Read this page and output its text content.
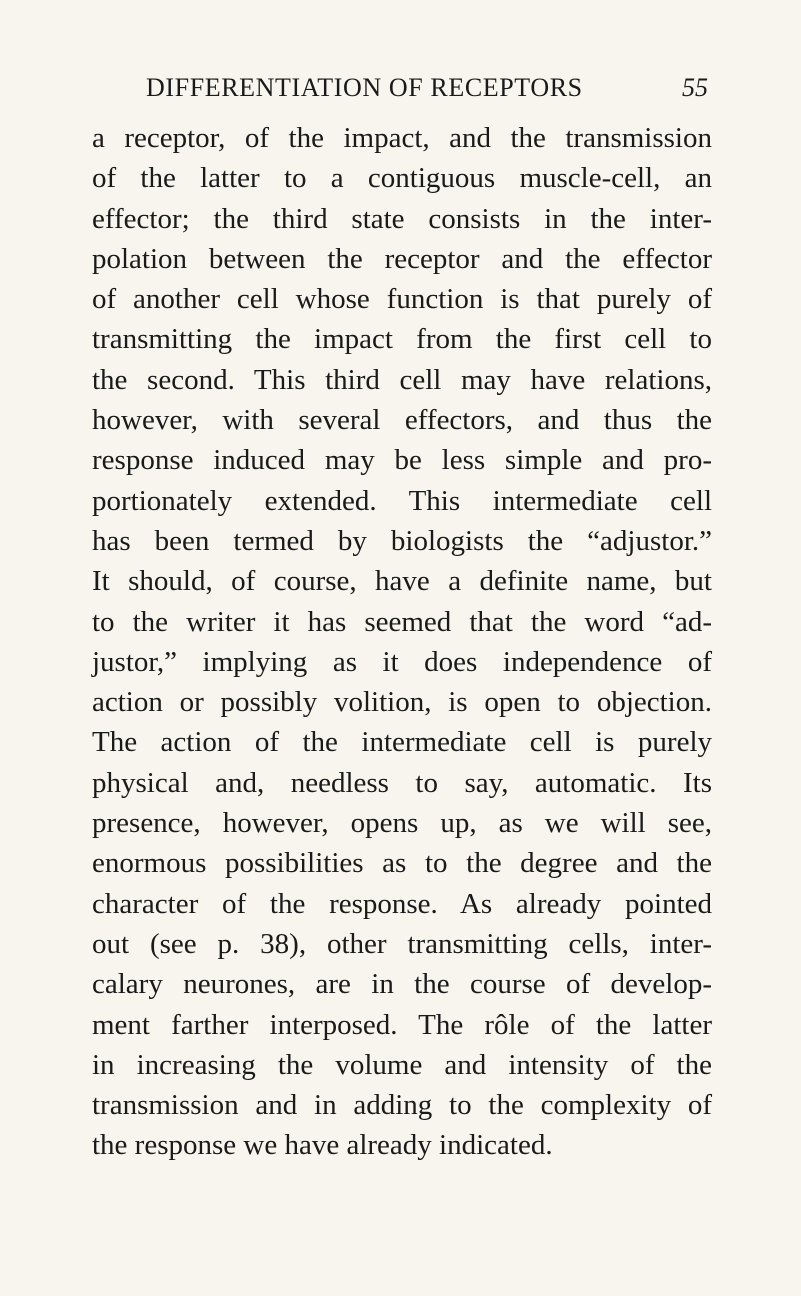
DIFFERENTIATION OF RECEPTORS	55
a receptor, of the impact, and the transmission
of the latter to a contiguous muscle-cell, an
effector; the third state consists in the inter-
polation between the receptor and the effector
of another cell whose function is that purely of
transmitting the impact from the first cell to
the second. This third cell may have relations,
however, with several effectors, and thus the
response induced may be less simple and pro-
portionately extended. This intermediate cell
has been termed by biologists the “adjustor.”
It should, of course, have a definite name, but
to the writer it has seemed that the word “ad-
justor,” implying as it does independence of
action or possibly volition, is open to objection.
The action of the intermediate cell is purely
physical and, needless to say, automatic. Its
presence, however, opens up, as we will see,
enormous possibilities as to the degree and the
character of the response. As already pointed
out (see p. 38), other transmitting cells, inter-
calary neurones, are in the course of develop-
ment farther interposed. The rôle of the latter
in increasing the volume and intensity of the
transmission and in adding to the complexity of
the response we have already indicated.
